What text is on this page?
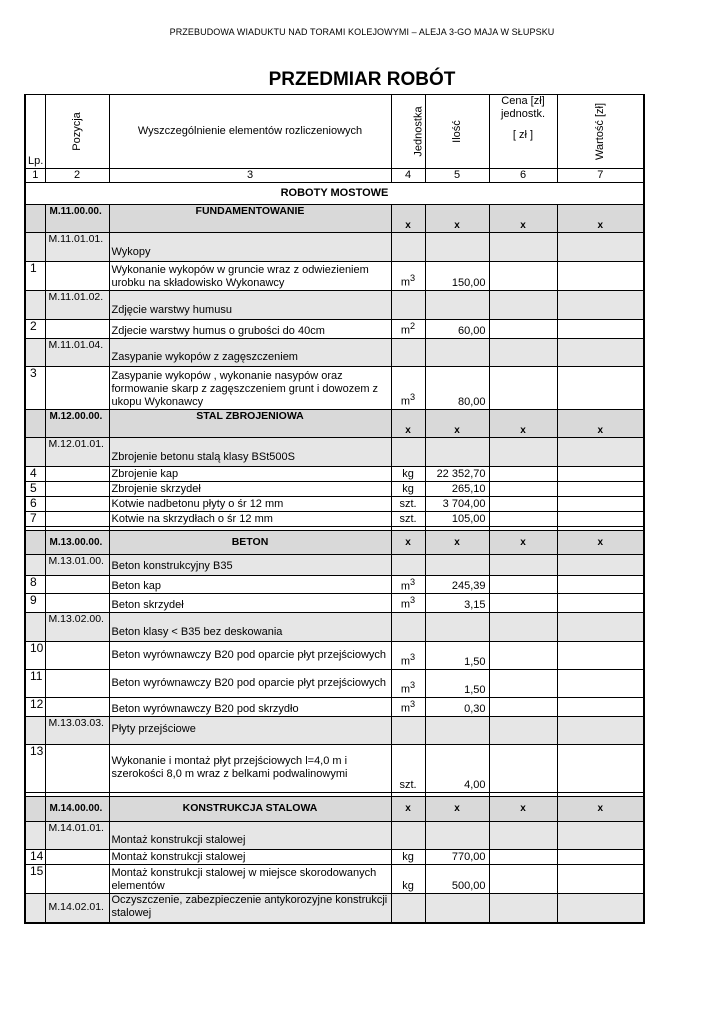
PRZEBUDOWA WIADUKTU NAD TORAMI KOLEJOWYMI – ALEJA 3-GO MAJA W SŁUPSKU
PRZEDMIAR ROBÓT
Lp.	Pozycja	Wyszczególnienie elementów rozliczeniowych	Jednostka	Ilość	Cena [zł]
jednostk.
[ zł ]	Wartość [zł]
1	2	3	4	5	6	7
ROBOTY MOSTOWE						
	M.11.00.00.	FUNDAMENTOWANIE	x	x	x	x
	M.11.01.01.	Wykopy				
1		Wykonanie wykopów w gruncie wraz z odwiezieniem
urobku na składowisko Wykonawcy	$m^3$	150,00		
	M.11.01.02.	Zdjęcie warstwy humusu				
2		Zdjecie warstwy humus o grubości do 40cm	$m^2$	60,00		
	M.11.01.04.	Zasypanie wykopów z zagęszczeniem				
3		Zasypanie wykopów , wykonanie nasypów oraz
formowanie skarp z zagęszczeniem grunt i dowozem z
ukopu Wykonawcy	$m^3$	80,00		
	M.12.00.00.	STAL ZBROJENIOWA	x	x	x	x
	M.12.01.01.	Zbrojenie betonu stalą klasy BSt500S				
4		Zbrojenie kap	kg	22 352,70		
5		Zbrojenie skrzydeł	kg	265,10		
6		Kotwie nadbetonu płyty o śr 12 mm	szt.	3 704,00		
7		Kotwie na skrzydłach o śr 12 mm	szt.	105,00		

	M.13.00.00.	BETON	x	x	x	x
	M.13.01.00.	Beton konstrukcyjny B35				
8		Beton kap	$m^3$	245,39		
9		Beton skrzydeł	$m^3$	3,15		
	M.13.02.00.	Beton klasy < B35 bez deskowania				
10		Beton wyrównawczy B20 pod oparcie płyt przejściowych	$m^3$	1,50		
11		Beton wyrównawczy B20 pod oparcie płyt przejściowych	$m^3$	1,50		
12		Beton wyrównawczy B20 pod skrzydło	$m^3$	0,30		
	M.13.03.03.	Płyty przejściowe				
13		Wykonanie i montaż płyt przejściowych l=4,0 m i
szerokości 8,0 m wraz z belkami podwalinowymi	szt.	4,00		

	M.14.00.00.	KONSTRUKCJA STALOWA	x	x	x	x
	M.14.01.01.	Montaż konstrukcji stalowej				
14		Montaż konstrukcji stalowej	kg	770,00		
15		Montaż konstrukcji stalowej w miejsce skorodowanych
elementów	kg	500,00		
	M.14.02.01.	Oczyszczenie, zabezpieczenie antykorozyjne konstrukcji
stalowej				
